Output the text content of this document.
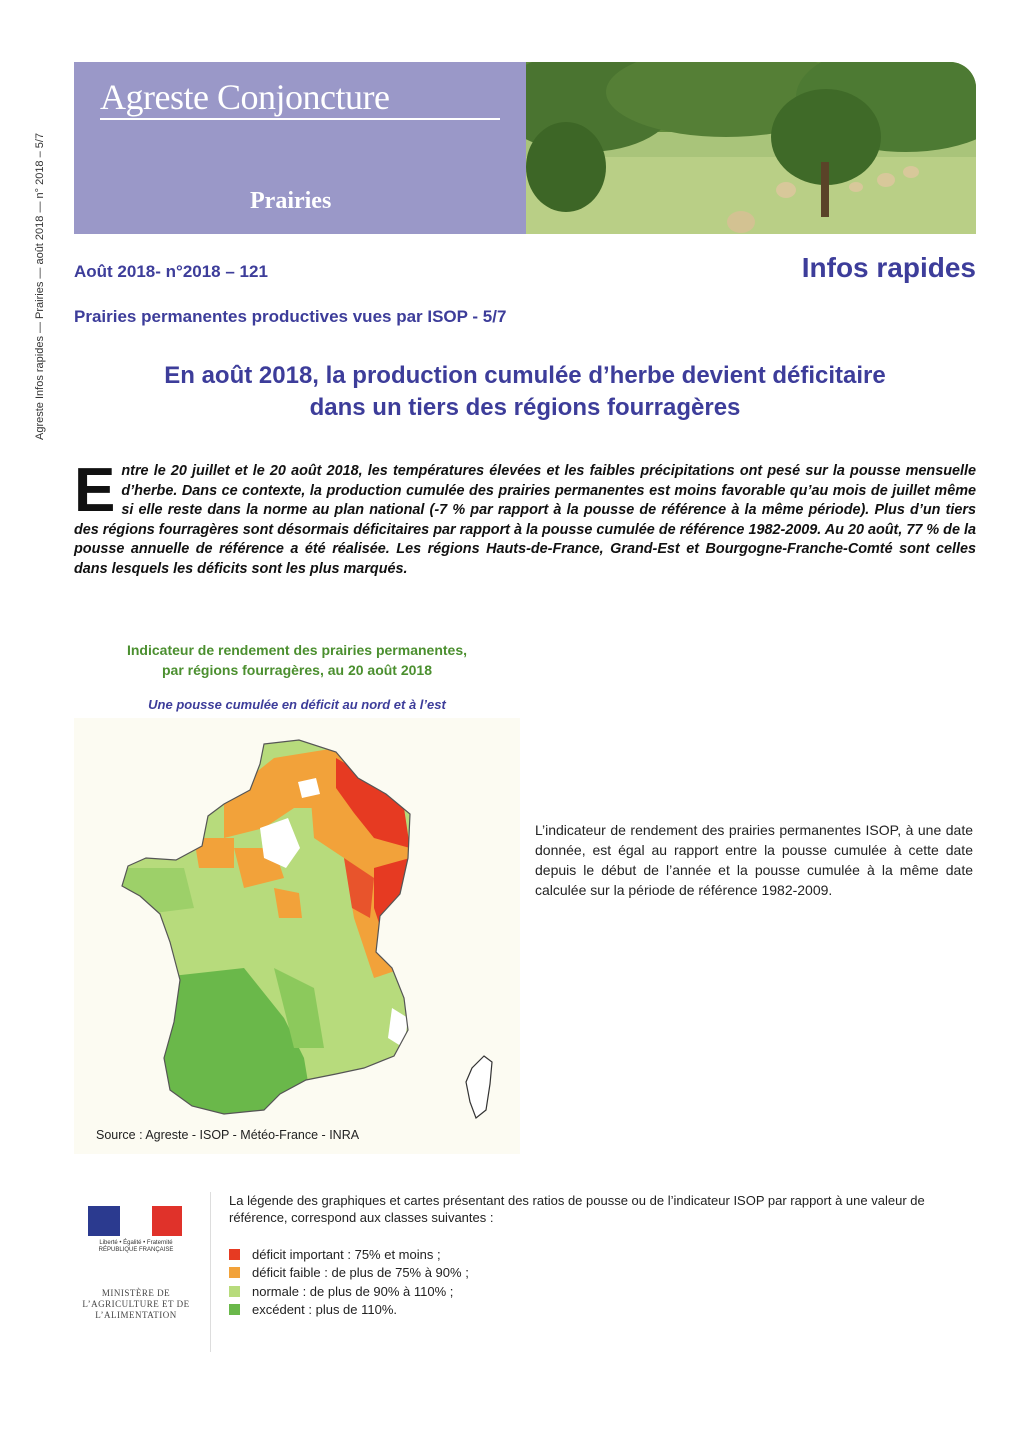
Agreste Infos rapides — Prairies — août 2018 — n° 2018 – 5/7
Agreste Conjoncture
Prairies
Août 2018- n°2018 – 121	Infos rapides
Prairies permanentes productives vues par ISOP - 5/7
En août 2018, la production cumulée d’herbe devient déficitaire
dans un tiers des régions fourragères
Entre le 20 juillet et le 20 août 2018, les températures élevées et les faibles précipitations ont pesé sur la pousse mensuelle d’herbe. Dans ce contexte, la production cumulée des prairies permanentes est moins favorable qu’au mois de juillet même si elle reste dans la norme au plan national (-7 % par rapport à la pousse de référence à la même période). Plus d’un tiers des régions fourragères sont désormais déficitaires par rapport à la pousse cumulée de référence 1982-2009. Au 20 août, 77 % de la pousse annuelle de référence a été réalisée. Les régions Hauts-de-France, Grand-Est et Bourgogne-Franche-Comté sont celles dans lesquels les déficits sont les plus marqués.
Indicateur de rendement des prairies permanentes,
par régions fourragères, au 20 août 2018
Une pousse cumulée en déficit au nord et à l’est
Source : Agreste - ISOP - Météo-France - INRA
L’indicateur de rendement des prairies permanentes ISOP, à une date donnée, est égal au rapport entre la pousse cumulée à cette date depuis le début de l’année et la pousse cumulée à la même date calculée sur la période de référence 1982-2009.
Liberté • Égalité • Fraternité RÉPUBLIQUE FRANÇAISE
MINISTÈRE DE L’AGRICULTURE ET DE L’ALIMENTATION
La légende des graphiques et cartes présentant des ratios de pousse ou de l’indicateur ISOP par rapport à une valeur de référence, correspond aux classes suivantes :
déficit important : 75% et moins ;
déficit faible : de plus de 75% à 90% ;
normale : de plus de 90% à 110% ;
excédent : plus de 110%.
